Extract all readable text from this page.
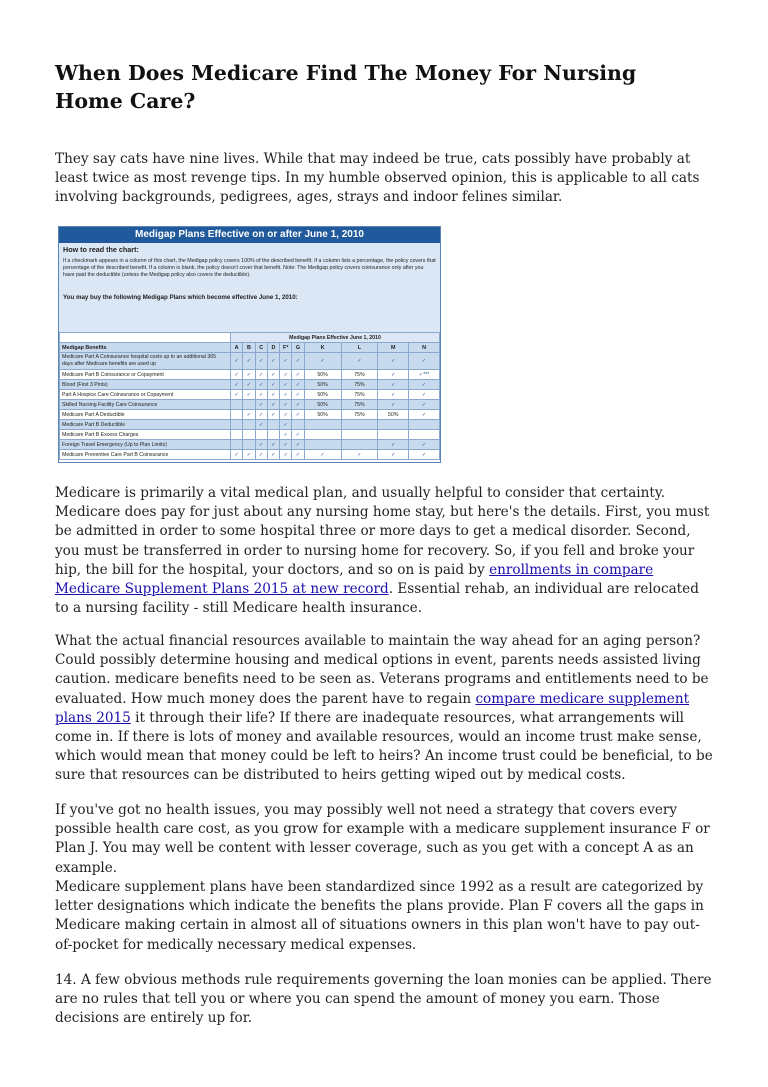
When Does Medicare Find The Money For Nursing Home Care?

They say cats have nine lives. While that may indeed be true, cats possibly have probably at least twice as most revenge tips. In my humble observed opinion, this is applicable to all cats involving backgrounds, pedigrees, ages, strays and indoor felines similar.

Medigap Plans Effective on or after June 1, 2010
How to read the chart:
If a checkmark appears in a column of this chart, the Medigap policy covers 100% of the described benefit. If a column lists a percentage, the policy covers that percentage of the described benefit. If a column is blank, the policy doesn't cover that benefit. Note: The Medigap policy covers coinsurance only after you have paid the deductible (unless the Medigap policy also covers the deductible).
You may buy the following Medigap Plans which become effective June 1, 2010:
	Medigap Plans Effective June 1, 2010									
Medigap Benefits	A	B	C	D	F*	G	K	L	M	N
Medicare Part A Coinsurance hospital costs up to an additional 365 days after Medicare benefits are used up	✓	✓	✓	✓	✓	✓	✓	✓	✓	✓
Medicare Part B Coinsurance or Copayment	✓	✓	✓	✓	✓	✓	50%	75%	✓	✓***
Blood (First 3 Pints)	✓	✓	✓	✓	✓	✓	50%	75%	✓	✓
Part A Hospice Care Coinsurance or Copayment	✓	✓	✓	✓	✓	✓	50%	75%	✓	✓
Skilled Nursing Facility Care Coinsurance			✓	✓	✓	✓	50%	75%	✓	✓
Medicare Part A Deductible		✓	✓	✓	✓	✓	50%	75%	50%	✓
Medicare Part B Deductible			✓		✓					
Medicare Part B Excess Charges					✓	✓				
Foreign Travel Emergency (Up to Plan Limits)			✓	✓	✓	✓			✓	✓
Medicare Preventive Care Part B Coinsurance	✓	✓	✓	✓	✓	✓	✓	✓	✓	✓

Medicare is primarily a vital medical plan, and usually helpful to consider that certainty. Medicare does pay for just about any nursing home stay, but here's the details. First, you must be admitted in order to some hospital three or more days to get a medical disorder. Second, you must be transferred in order to nursing home for recovery. So, if you fell and broke your hip, the bill for the hospital, your doctors, and so on is paid by enrollments in compare Medicare Supplement Plans 2015 at new record. Essential rehab, an individual are relocated to a nursing facility - still Medicare health insurance.

What the actual financial resources available to maintain the way ahead for an aging person? Could possibly determine housing and medical options in event, parents needs assisted living caution. medicare benefits need to be seen as. Veterans programs and entitlements need to be evaluated. How much money does the parent have to regain compare medicare supplement plans 2015 it through their life? If there are inadequate resources, what arrangements will come in. If there is lots of money and available resources, would an income trust make sense, which would mean that money could be left to heirs? An income trust could be beneficial, to be sure that resources can be distributed to heirs getting wiped out by medical costs.

If you've got no health issues, you may possibly well not need a strategy that covers every possible health care cost, as you grow for example with a medicare supplement insurance F or Plan J. You may well be content with lesser coverage, such as you get with a concept A as an example.

Medicare supplement plans have been standardized since 1992 as a result are categorized by letter designations which indicate the benefits the plans provide. Plan F covers all the gaps in Medicare making certain in almost all of situations owners in this plan won't have to pay out-of-pocket for medically necessary medical expenses.

14. A few obvious methods rule requirements governing the loan monies can be applied. There are no rules that tell you or where you can spend the amount of money you earn. Those decisions are entirely up for.
